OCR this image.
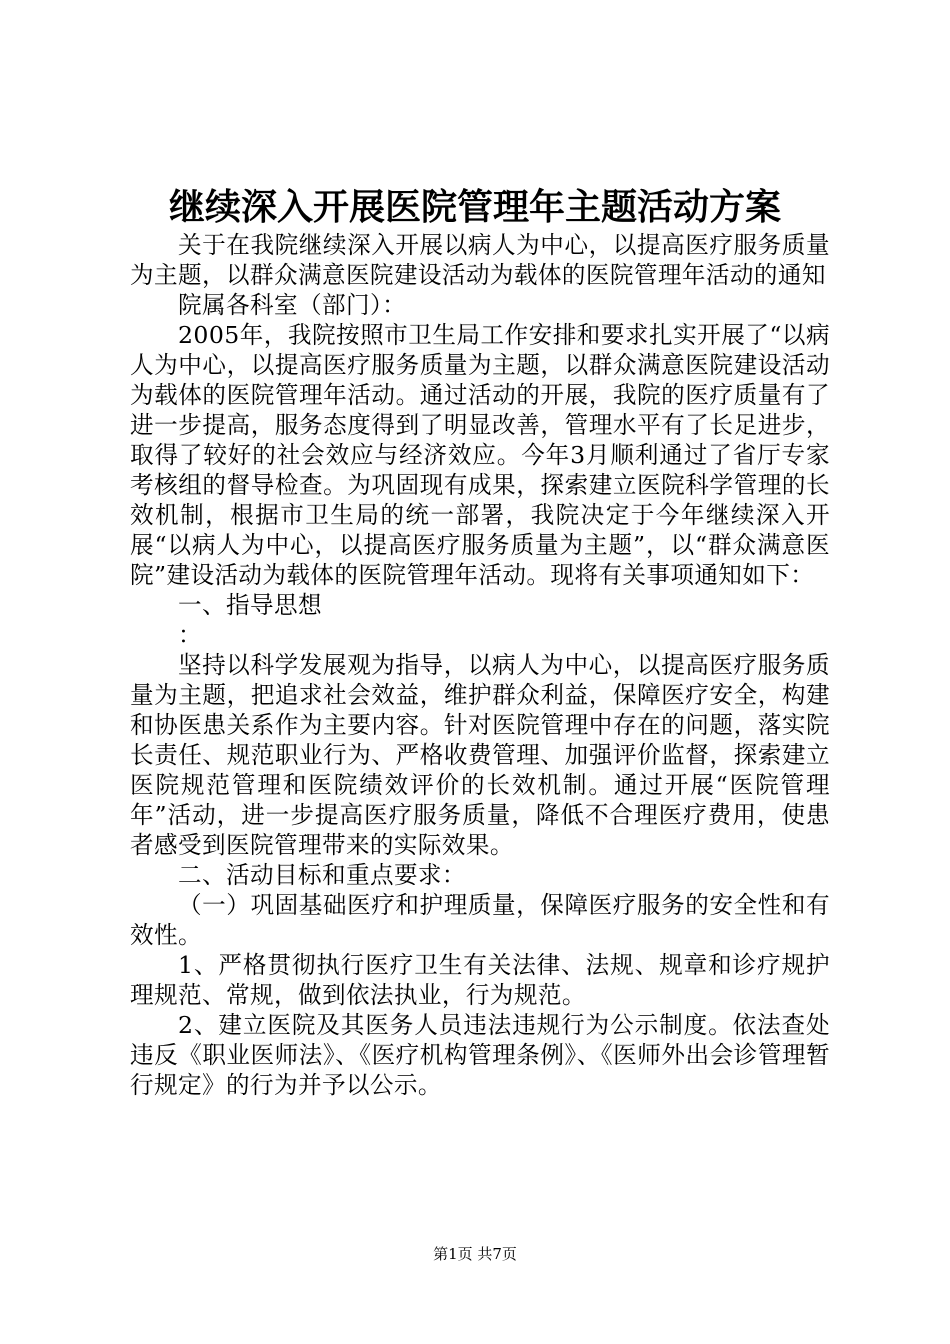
继续深入开展医院管理年主题活动方案

关于在我院继续深入开展以病人为中心，以提高医疗服务质量为主题，以群众满意医院建设活动为载体的医院管理年活动的通知

院属各科室（部门）：

2005年，我院按照市卫生局工作安排和要求扎实开展了“以病人为中心，以提高医疗服务质量为主题，以群众满意医院建设活动为载体的医院管理年活动。通过活动的开展，我院的医疗质量有了进一步提高，服务态度得到了明显改善，管理水平有了长足进步，取得了较好的社会效应与经济效应。今年3月顺利通过了省厅专家考核组的督导检查。为巩固现有成果，探索建立医院科学管理的长效机制，根据市卫生局的统一部署，我院决定于今年继续深入开展“以病人为中心，以提高医疗服务质量为主题”，以“群众满意医院”建设活动为载体的医院管理年活动。现将有关事项通知如下：

一、指导思想

：

坚持以科学发展观为指导，以病人为中心，以提高医疗服务质量为主题，把追求社会效益，维护群众利益，保障医疗安全，构建和协医患关系作为主要内容。针对医院管理中存在的问题，落实院长责任、规范职业行为、严格收费管理、加强评价监督，探索建立医院规范管理和医院绩效评价的长效机制。通过开展“医院管理年”活动，进一步提高医疗服务质量，降低不合理医疗费用，使患者感受到医院管理带来的实际效果。

二、活动目标和重点要求：

（一）巩固基础医疗和护理质量，保障医疗服务的安全性和有效性。

1、严格贯彻执行医疗卫生有关法律、法规、规章和诊疗规护理规范、常规，做到依法执业，行为规范。

2、建立医院及其医务人员违法违规行为公示制度。依法查处违反《职业医师法》、《医疗机构管理条例》、《医师外出会诊管理暂行规定》的行为并予以公示。

第1页 共7页
